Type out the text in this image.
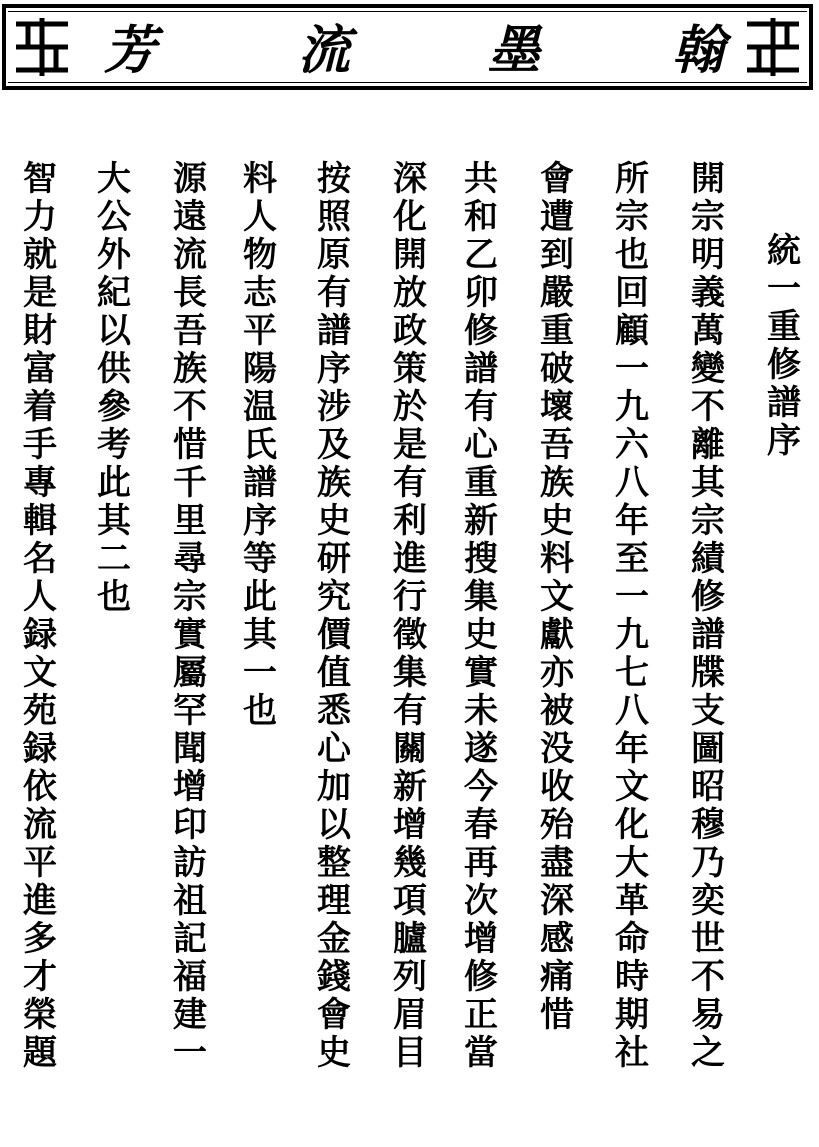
芳	流	墨	翰
統
一
重
修
譜
序
開
宗
明
義
萬
變
不
離
其
宗
績
修
譜
牒
支
圖
昭
穆
乃
奕
世
不
易
之
所
宗
也
回
顧
一
九
六
八
年
至
一
九
七
八
年
文
化
大
革
命
時
期
社
會
遭
到
嚴
重
破
壞
吾
族
史
料
文
獻
亦
被
没
收
殆
盡
深
感
痛
惜
共
和
乙
卯
修
譜
有
心
重
新
搜
集
史
實
未
遂
今
春
再
次
增
修
正
當
深
化
開
放
政
策
於
是
有
利
進
行
徵
集
有
關
新
增
幾
項
臚
列
眉
目
按
照
原
有
譜
序
涉
及
族
史
研
究
價
值
悉
心
加
以
整
理
金
錢
會
史
料
人
物
志
平
陽
温
氏
譜
序
等
此
其
一
也
源
遠
流
長
吾
族
不
惜
千
里
尋
宗
實
屬
罕
聞
增
印
訪
祖
記
福
建
一
大
公
外
紀
以
供
參
考
此
其
二
也
智
力
就
是
財
富
着
手
專
輯
名
人
録
文
苑
録
依
流
平
進
多
才
榮
題
